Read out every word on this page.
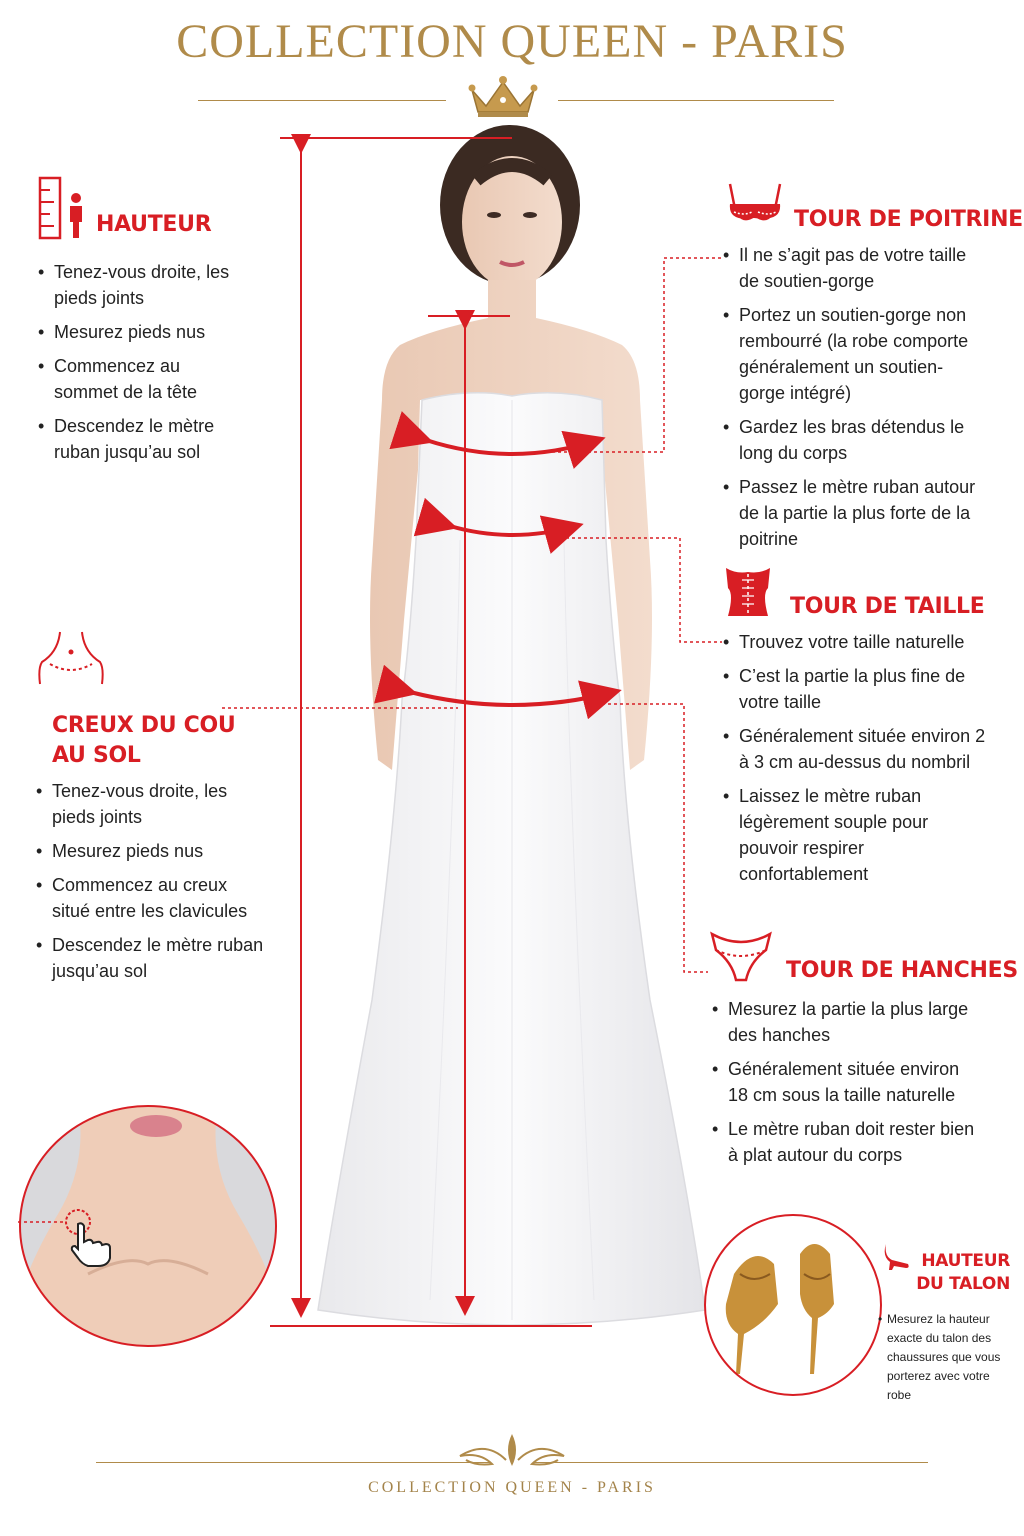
COLLECTION QUEEN - PARIS
HAUTEUR
• Tenez-vous droite, les pieds joints
• Mesurez pieds nus
• Commencez au sommet de la tête
• Descendez le mètre ruban jusqu’au sol
CREUX DU COU AU SOL
• Tenez-vous droite, les pieds joints
• Mesurez pieds nus
• Commencez au creux situé entre les clavicules
• Descendez le mètre ruban jusqu’au sol
TOUR DE POITRINE
• Il ne s’agit pas de votre taille de soutien-gorge
• Portez un soutien-gorge non rembourré (la robe comporte généralement un soutien-gorge intégré)
• Gardez les bras détendus le long du corps
• Passez le mètre ruban autour de la partie la plus forte de la poitrine
TOUR DE TAILLE
• Trouvez votre taille naturelle
• C’est la partie la plus fine de votre taille
• Généralement située environ 2 à 3 cm au-dessus du nombril
• Laissez le mètre ruban légèrement souple pour pouvoir respirer confortablement
TOUR DE HANCHES
• Mesurez la partie la plus large des hanches
• Généralement située environ 18 cm sous la taille naturelle
• Le mètre ruban doit rester bien à plat autour du corps
HAUTEUR DU TALON
• Mesurez la hauteur exacte du talon des chaussures que vous porterez avec votre robe
COLLECTION QUEEN - PARIS
